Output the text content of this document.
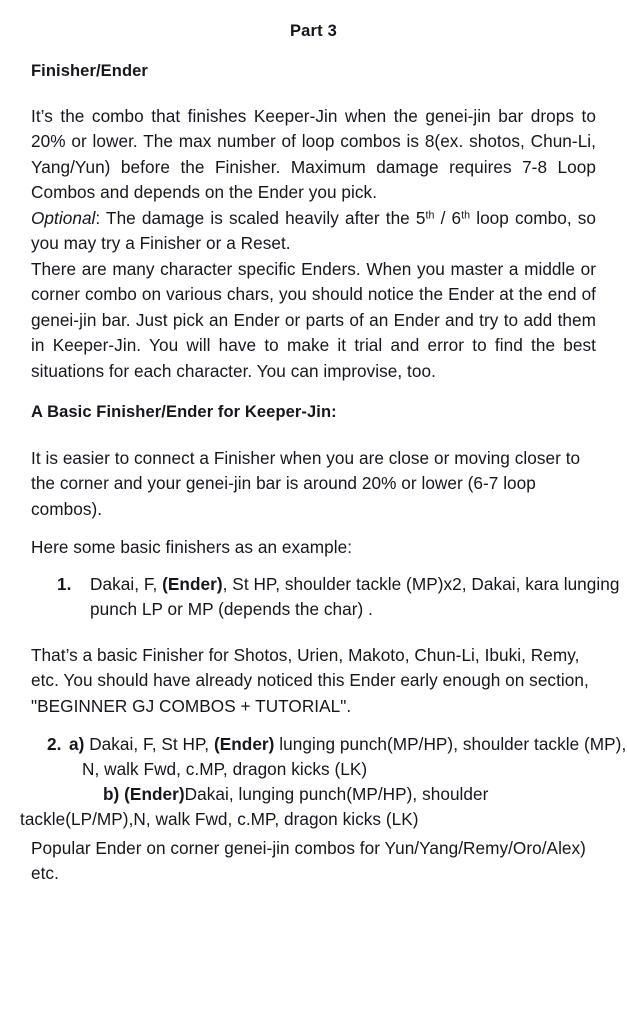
Part 3
Finisher/Ender
It’s the combo that finishes Keeper-Jin when the genei-jin bar drops to 20% or lower. The max number of loop combos is 8(ex. shotos, Chun-Li, Yang/Yun) before the Finisher. Maximum damage requires 7-8 Loop Combos and depends on the Ender you pick.
Optional: The damage is scaled heavily after the 5th / 6th loop combo, so you may try a Finisher or a Reset.
There are many character specific Enders. When you master a middle or corner combo on various chars, you should notice the Ender at the end of genei-jin bar. Just pick an Ender or parts of an Ender and try to add them in Keeper-Jin. You will have to make it trial and error to find the best situations for each character. You can improvise, too.
A Basic Finisher/Ender for Keeper-Jin:
It is easier to connect a Finisher when you are close or moving closer to the corner and your genei-jin bar is around 20% or lower (6-7 loop combos).
Here some basic finishers as an example:
1. Dakai, F, (Ender), St HP, shoulder tackle (MP)x2, Dakai, kara lunging punch LP or MP (depends the char) .
That’s a basic Finisher for Shotos, Urien, Makoto, Chun-Li, Ibuki, Remy, etc. You should have already noticed this Ender early enough on section, "BEGINNER GJ COMBOS + TUTORIAL".
2. a) Dakai, F, St HP, (Ender) lunging punch(MP/HP), shoulder tackle (MP), N, walk Fwd, c.MP, dragon kicks (LK)
b) (Ender)Dakai, lunging punch(MP/HP), shoulder tackle(LP/MP),N, walk Fwd, c.MP, dragon kicks (LK)
Popular Ender on corner genei-jin combos for Yun/Yang/Remy/Oro/Alex) etc.
